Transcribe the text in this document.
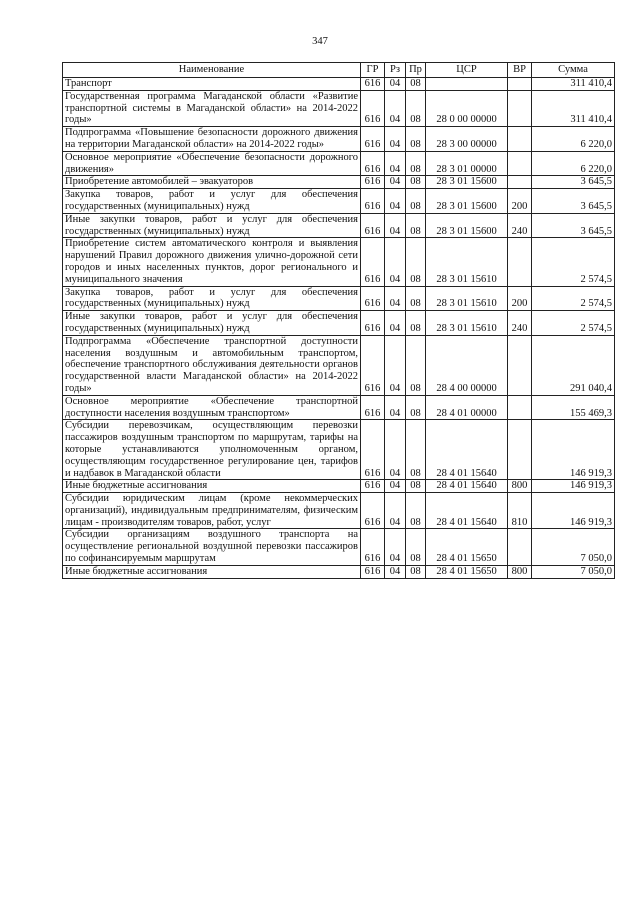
347
Наименование	ГР	Рз	Пр	ЦСР	ВР	Сумма
Транспорт	616	04	08			311 410,4
Государственная программа Магаданской области «Развитие транспортной системы в Магаданской области» на 2014-2022 годы»	616	04	08	28 0 00 00000		311 410,4
Подпрограмма «Повышение безопасности дорожного движения на территории Магаданской области» на 2014-2022 годы»	616	04	08	28 3 00 00000		6 220,0
Основное мероприятие «Обеспечение безопасности дорожного движения»	616	04	08	28 3 01 00000		6 220,0
Приобретение автомобилей – эвакуаторов	616	04	08	28 3 01 15600		3 645,5
Закупка товаров, работ и услуг для обеспечения государственных (муниципальных) нужд	616	04	08	28 3 01 15600	200	3 645,5
Иные закупки товаров, работ и услуг для обеспечения государственных (муниципальных) нужд	616	04	08	28 3 01 15600	240	3 645,5
Приобретение систем автоматического контроля и выявления нарушений Правил дорожного движения улично-дорожной сети городов и иных населенных пунктов, дорог регионального и муниципального значения	616	04	08	28 3 01 15610		2 574,5
Закупка товаров, работ и услуг для обеспечения государственных (муниципальных) нужд	616	04	08	28 3 01 15610	200	2 574,5
Иные закупки товаров, работ и услуг для обеспечения государственных (муниципальных) нужд	616	04	08	28 3 01 15610	240	2 574,5
Подпрограмма «Обеспечение транспортной доступности населения воздушным и автомобильным транспортом, обеспечение транспортного обслуживания деятельности органов государственной власти Магаданской области» на 2014-2022 годы»	616	04	08	28 4 00 00000		291 040,4
Основное мероприятие «Обеспечение транспортной доступности населения воздушным транспортом»	616	04	08	28 4 01 00000		155 469,3
Субсидии перевозчикам, осуществляющим перевозки пассажиров воздушным транспортом по маршрутам, тарифы на которые устанавливаются уполномоченным органом, осуществляющим государственное регулирование цен, тарифов и надбавок в Магаданской области	616	04	08	28 4 01 15640		146 919,3
Иные бюджетные ассигнования	616	04	08	28 4 01 15640	800	146 919,3
Субсидии юридическим лицам (кроме некоммерческих организаций), индивидуальным предпринимателям, физическим лицам - производителям товаров, работ, услуг	616	04	08	28 4 01 15640	810	146 919,3
Субсидии организациям воздушного транспорта на осуществление региональной воздушной перевозки пассажиров по софинансируемым маршрутам	616	04	08	28 4 01 15650		7 050,0
Иные бюджетные ассигнования	616	04	08	28 4 01 15650	800	7 050,0
